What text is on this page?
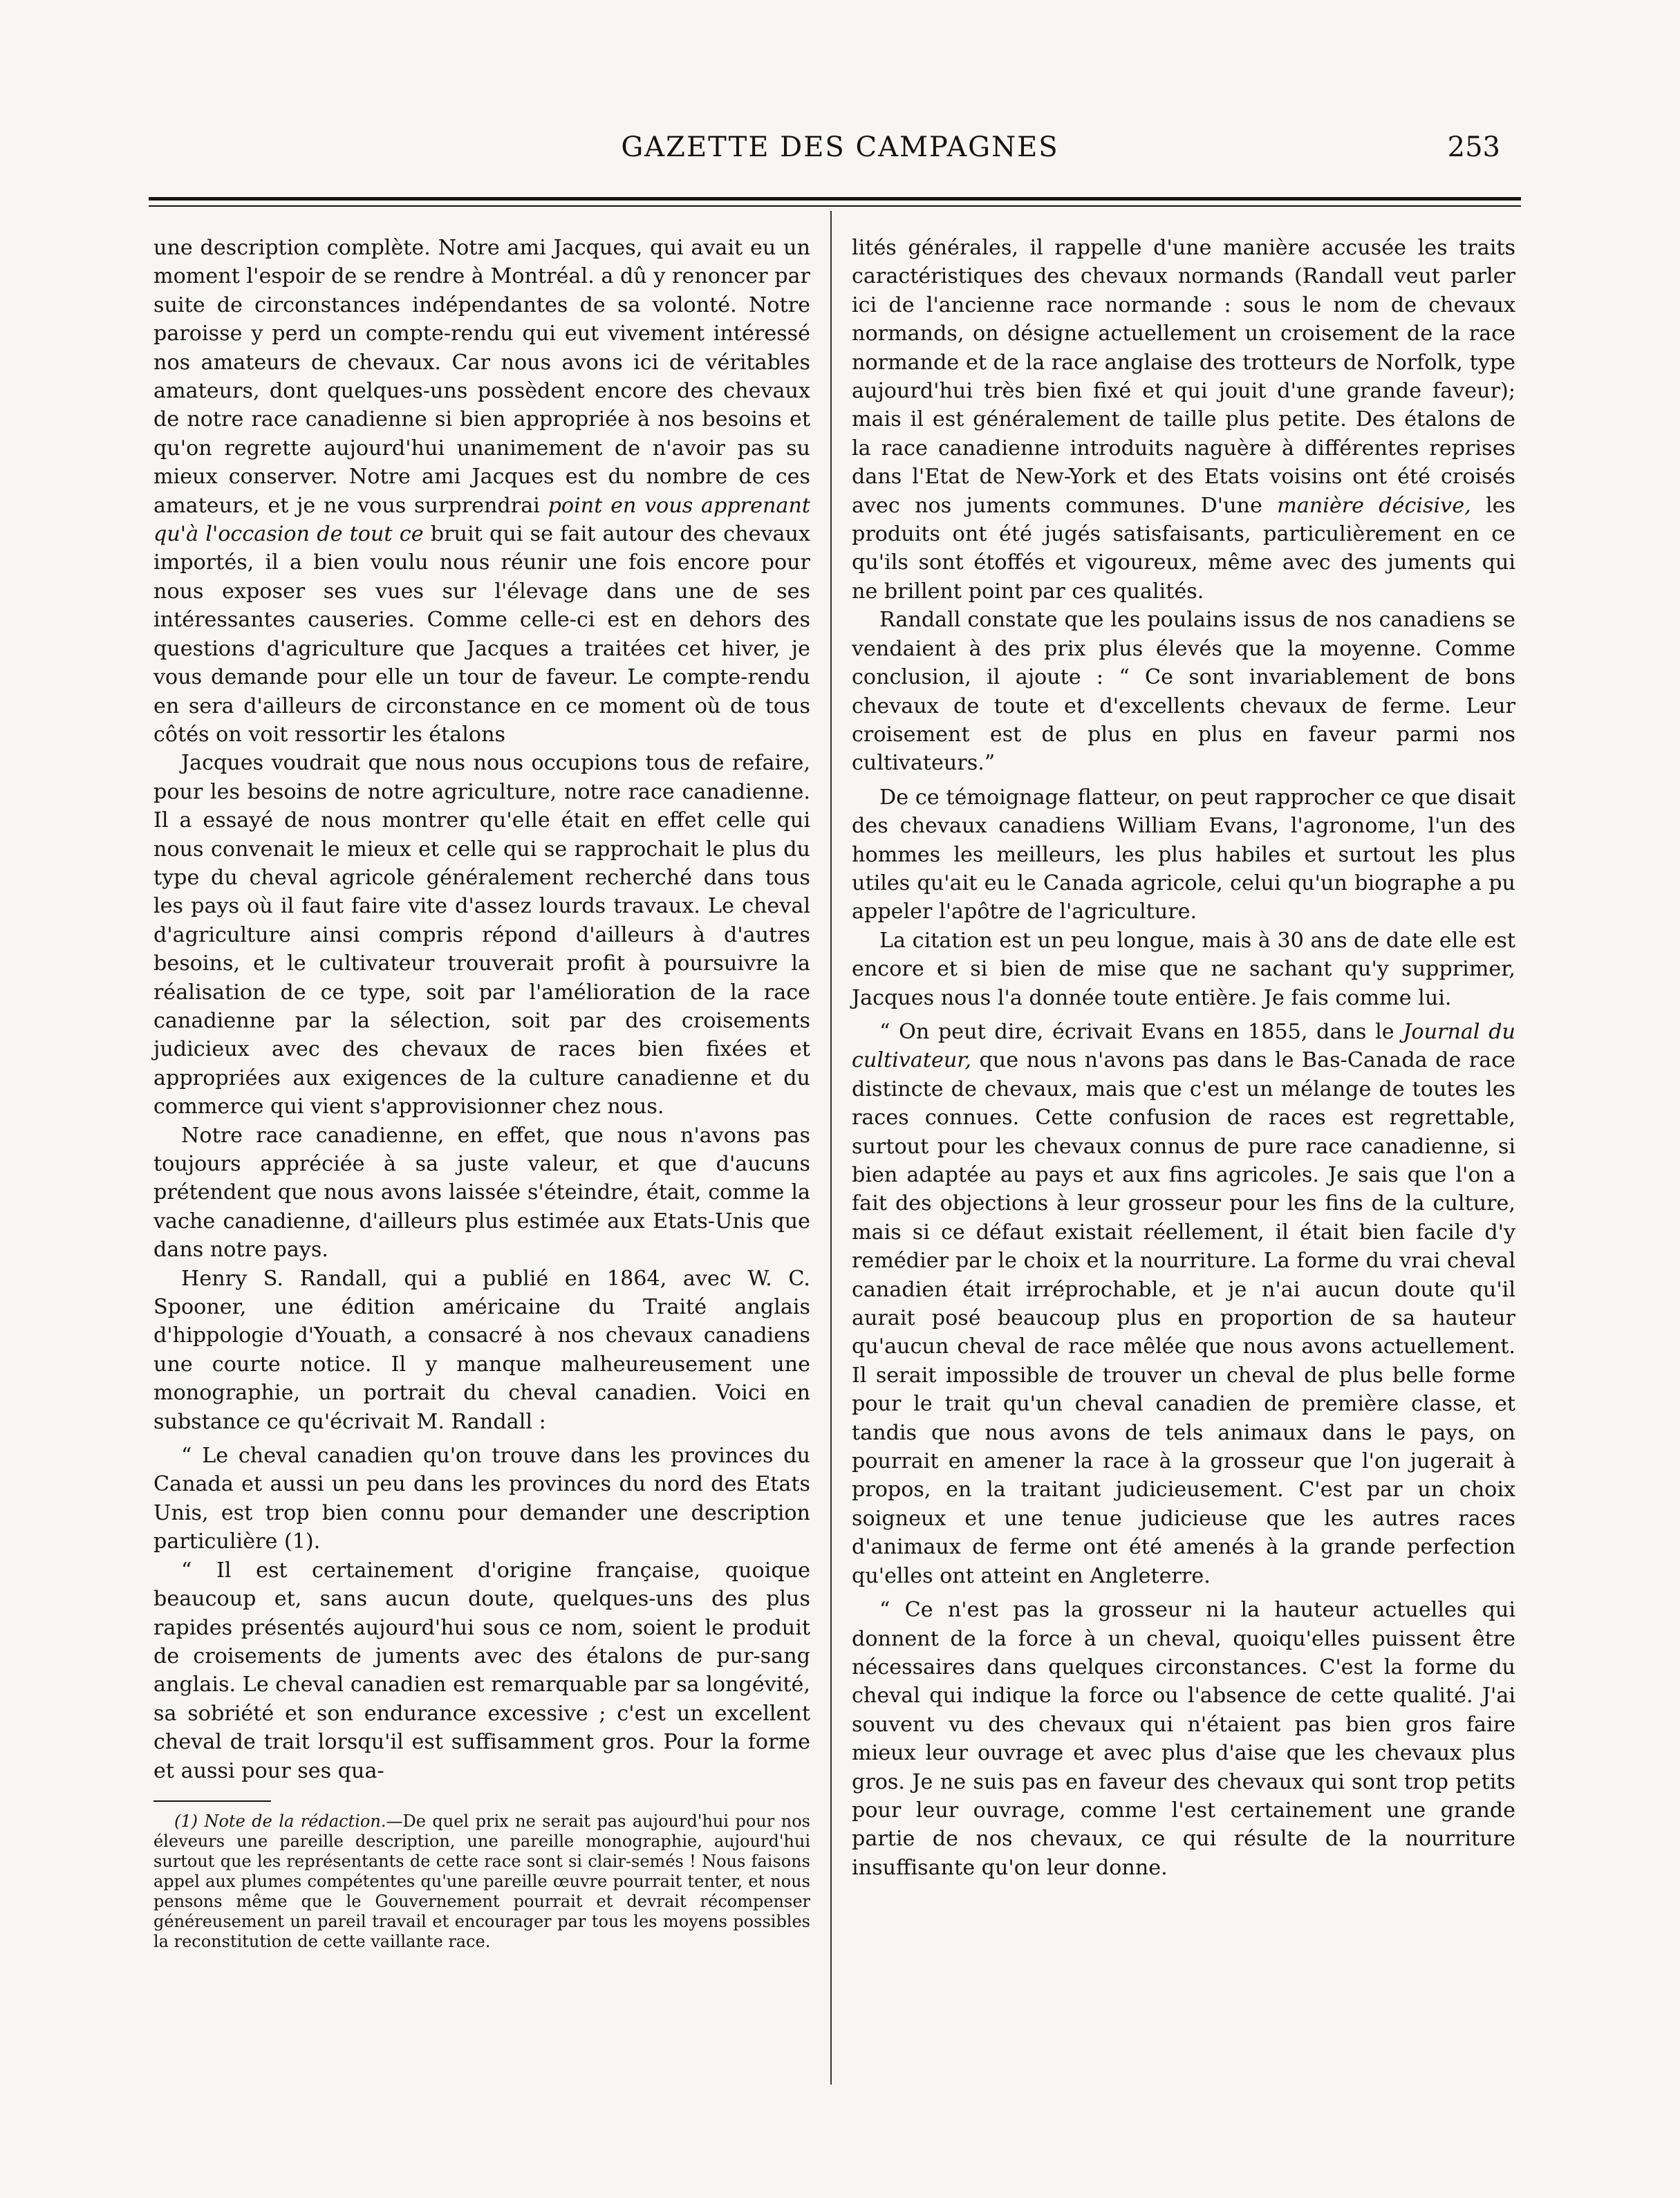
GAZETTE DES CAMPAGNES	253

une description complète. Notre ami Jacques, qui avait eu un moment l'espoir de se rendre à Montréal. a dû y renoncer par suite de circonstances indépendantes de sa volonté. Notre paroisse y perd un compte-rendu qui eut vivement intéressé nos amateurs de chevaux. Car nous avons ici de véritables amateurs, dont quelques-uns possèdent encore des chevaux de notre race canadienne si bien appropriée à nos besoins et qu'on regrette aujourd'hui unanimement de n'avoir pas su mieux conserver. Notre ami Jacques est du nombre de ces amateurs, et je ne vous surprendrai point en vous apprenant qu'à l'occasion de tout ce bruit qui se fait autour des chevaux importés, il a bien voulu nous réunir une fois encore pour nous exposer ses vues sur l'élevage dans une de ses intéressantes causeries. Comme celle-ci est en dehors des questions d'agriculture que Jacques a traitées cet hiver, je vous demande pour elle un tour de faveur. Le compte-rendu en sera d'ailleurs de circonstance en ce moment où de tous côtés on voit ressortir les étalons

Jacques voudrait que nous nous occupions tous de refaire, pour les besoins de notre agriculture, notre race canadienne. Il a essayé de nous montrer qu'elle était en effet celle qui nous convenait le mieux et celle qui se rapprochait le plus du type du cheval agricole généralement recherché dans tous les pays où il faut faire vite d'assez lourds travaux. Le cheval d'agriculture ainsi compris répond d'ailleurs à d'autres besoins, et le cultivateur trouverait profit à poursuivre la réalisation de ce type, soit par l'amélioration de la race canadienne par la sélection, soit par des croisements judicieux avec des chevaux de races bien fixées et appropriées aux exigences de la culture canadienne et du commerce qui vient s'approvisionner chez nous.

Notre race canadienne, en effet, que nous n'avons pas toujours appréciée à sa juste valeur, et que d'aucuns prétendent que nous avons laissée s'éteindre, était, comme la vache canadienne, d'ailleurs plus estimée aux Etats-Unis que dans notre pays.

Henry S. Randall, qui a publié en 1864, avec W. C. Spooner, une édition américaine du Traité anglais d'hippologie d'Youath, a consacré à nos chevaux canadiens une courte notice. Il y manque malheureusement une monographie, un portrait du cheval canadien. Voici en substance ce qu'écrivait M. Randall :

“ Le cheval canadien qu'on trouve dans les provinces du Canada et aussi un peu dans les provinces du nord des Etats Unis, est trop bien connu pour demander une description particulière (1).

“ Il est certainement d'origine française, quoique beaucoup et, sans aucun doute, quelques-uns des plus rapides présentés aujourd'hui sous ce nom, soient le produit de croisements de juments avec des étalons de pur-sang anglais. Le cheval canadien est remarquable par sa longévité, sa sobriété et son endurance excessive ; c'est un excellent cheval de trait lorsqu'il est suffisamment gros. Pour la forme et aussi pour ses qua-

(1) Note de la rédaction.—De quel prix ne serait pas aujourd'hui pour nos éleveurs une pareille description, une pareille monographie, aujourd'hui surtout que les représentants de cette race sont si clair-semés ! Nous faisons appel aux plumes compétentes qu'une pareille œuvre pourrait tenter, et nous pensons même que le Gouvernement pourrait et devrait récompenser généreusement un pareil travail et encourager par tous les moyens possibles la reconstitution de cette vaillante race.

lités générales, il rappelle d'une manière accusée les traits caractéristiques des chevaux normands (Randall veut parler ici de l'ancienne race normande : sous le nom de chevaux normands, on désigne actuellement un croisement de la race normande et de la race anglaise des trotteurs de Norfolk, type aujourd'hui très bien fixé et qui jouit d'une grande faveur); mais il est généralement de taille plus petite. Des étalons de la race canadienne introduits naguère à différentes reprises dans l'Etat de New-York et des Etats voisins ont été croisés avec nos juments communes. D'une manière décisive, les produits ont été jugés satisfaisants, particulièrement en ce qu'ils sont étoffés et vigoureux, même avec des juments qui ne brillent point par ces qualités.

Randall constate que les poulains issus de nos canadiens se vendaient à des prix plus élevés que la moyenne. Comme conclusion, il ajoute : “ Ce sont invariablement de bons chevaux de toute et d'excellents chevaux de ferme. Leur croisement est de plus en plus en faveur parmi nos cultivateurs.”

De ce témoignage flatteur, on peut rapprocher ce que disait des chevaux canadiens William Evans, l'agronome, l'un des hommes les meilleurs, les plus habiles et surtout les plus utiles qu'ait eu le Canada agricole, celui qu'un biographe a pu appeler l'apôtre de l'agriculture.

La citation est un peu longue, mais à 30 ans de date elle est encore et si bien de mise que ne sachant qu'y supprimer, Jacques nous l'a donnée toute entière. Je fais comme lui.

“ On peut dire, écrivait Evans en 1855, dans le Journal du cultivateur, que nous n'avons pas dans le Bas-Canada de race distincte de chevaux, mais que c'est un mélange de toutes les races connues. Cette confusion de races est regrettable, surtout pour les chevaux connus de pure race canadienne, si bien adaptée au pays et aux fins agricoles. Je sais que l'on a fait des objections à leur grosseur pour les fins de la culture, mais si ce défaut existait réellement, il était bien facile d'y remédier par le choix et la nourriture. La forme du vrai cheval canadien était irréprochable, et je n'ai aucun doute qu'il aurait posé beaucoup plus en proportion de sa hauteur qu'aucun cheval de race mêlée que nous avons actuellement. Il serait impossible de trouver un cheval de plus belle forme pour le trait qu'un cheval canadien de première classe, et tandis que nous avons de tels animaux dans le pays, on pourrait en amener la race à la grosseur que l'on jugerait à propos, en la traitant judicieusement. C'est par un choix soigneux et une tenue judicieuse que les autres races d'animaux de ferme ont été amenés à la grande perfection qu'elles ont atteint en Angleterre.

“ Ce n'est pas la grosseur ni la hauteur actuelles qui donnent de la force à un cheval, quoiqu'elles puissent être nécessaires dans quelques circonstances. C'est la forme du cheval qui indique la force ou l'absence de cette qualité. J'ai souvent vu des chevaux qui n'étaient pas bien gros faire mieux leur ouvrage et avec plus d'aise que les chevaux plus gros. Je ne suis pas en faveur des chevaux qui sont trop petits pour leur ouvrage, comme l'est certainement une grande partie de nos chevaux, ce qui résulte de la nourriture insuffisante qu'on leur donne.
